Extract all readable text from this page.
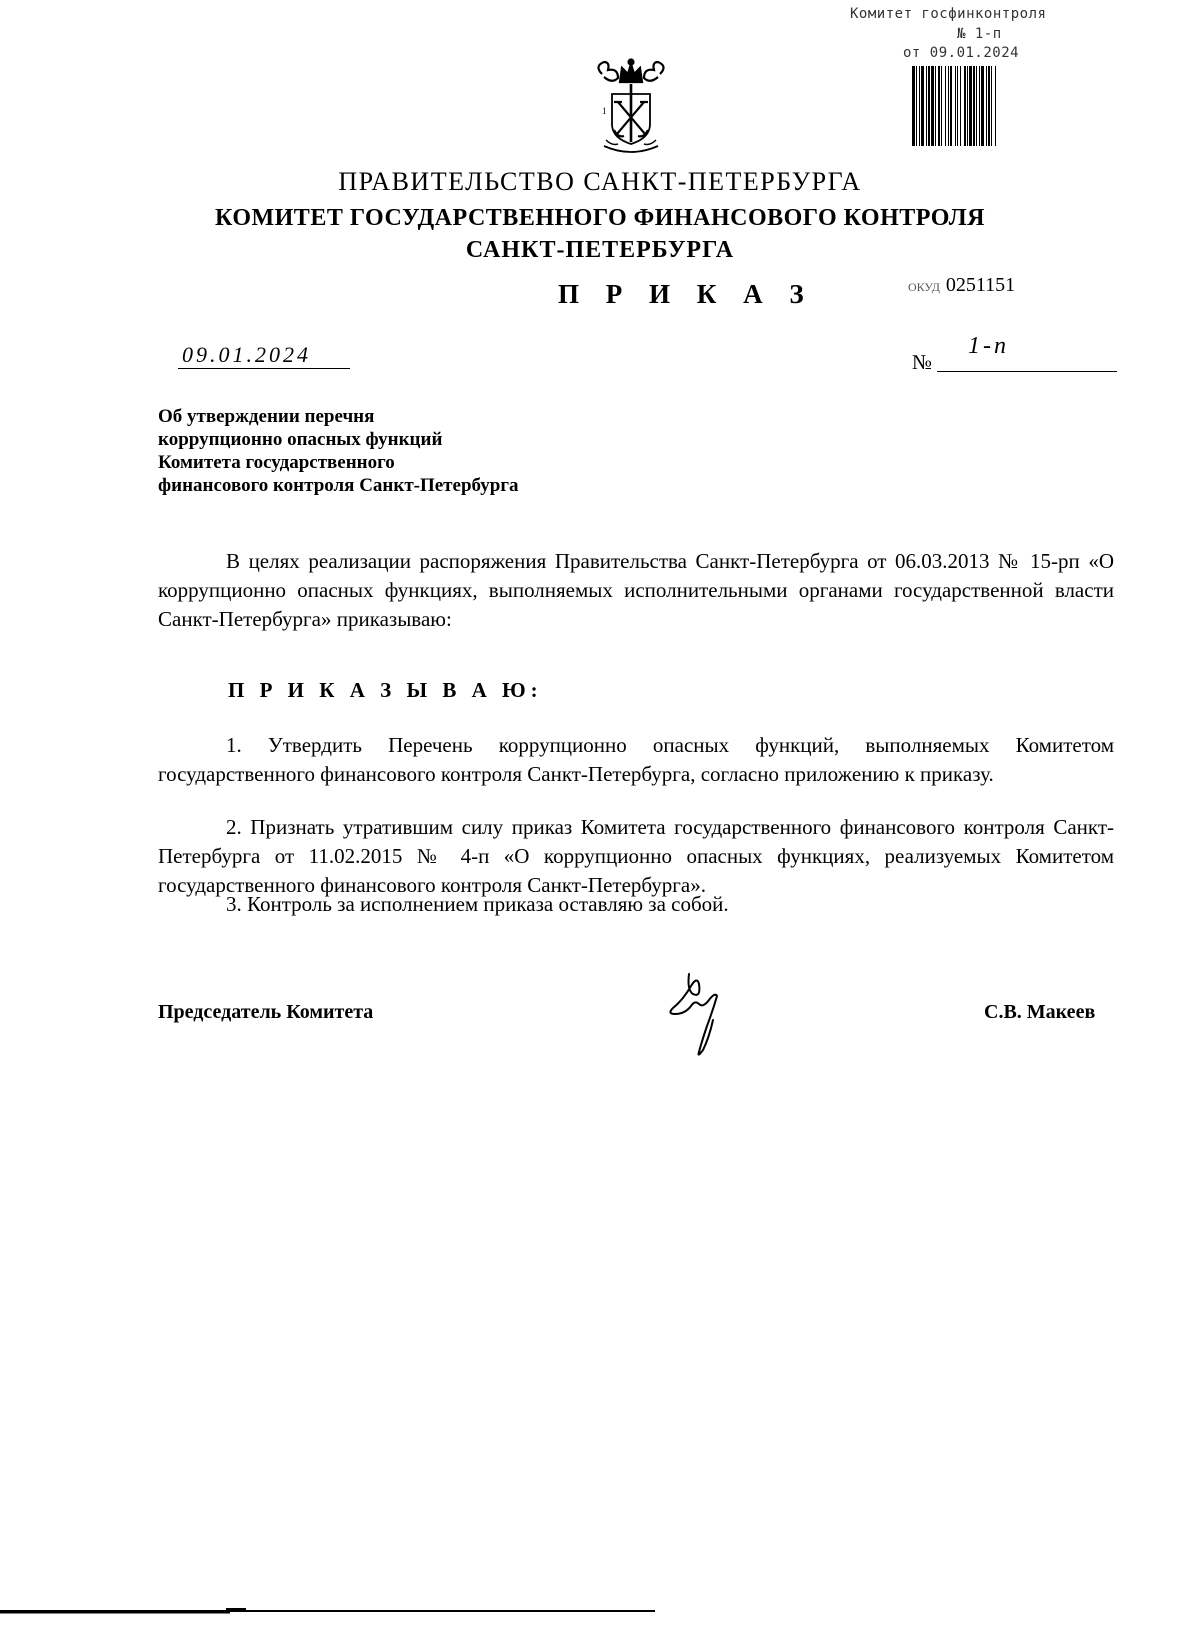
Комитет госфинконтроля
№ 1-п
от 09.01.2024
1
ПРАВИТЕЛЬСТВО САНКТ-ПЕТЕРБУРГА
КОМИТЕТ ГОСУДАРСТВЕННОГО ФИНАНСОВОГО КОНТРОЛЯ
САНКТ-ПЕТЕРБУРГА
П Р И К А З	ОКУД 0251151
09.01.2024	№
1-п
Об утверждении перечня
коррупционно опасных функций
Комитета государственного
финансового контроля Санкт-Петербурга
В целях реализации распоряжения Правительства Санкт-Петербурга от 06.03.2013 № 15-рп «О коррупционно опасных функциях, выполняемых исполнительными органами государственной власти Санкт-Петербурга» приказываю:
П Р И К А З Ы В А Ю:
1. Утвердить Перечень коррупционно опасных функций, выполняемых Комитетом государственного финансового контроля Санкт-Петербурга, согласно приложению к приказу.
2. Признать утратившим силу приказ Комитета государственного финансового контроля Санкт-Петербурга от 11.02.2015 № 4-п «О коррупционно опасных функциях, реализуемых Комитетом государственного финансового контроля Санкт-Петербурга».
3. Контроль за исполнением приказа оставляю за собой.
Председатель Комитета	С.В. Макеев
